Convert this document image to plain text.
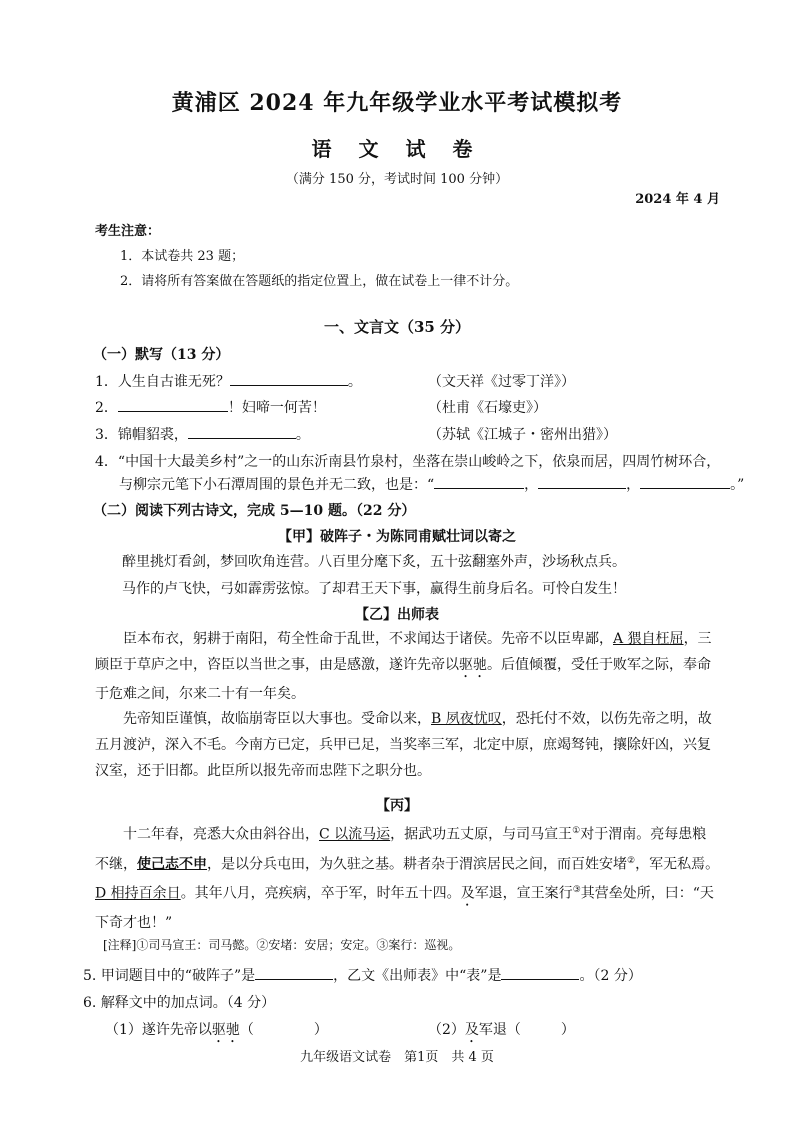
黄浦区 2024 年九年级学业水平考试模拟考
语 文 试 卷
（满分 150 分，考试时间 100 分钟）
2024 年 4 月
考生注意：
1．本试卷共 23 题；
2．请将所有答案做在答题纸的指定位置上，做在试卷上一律不计分。
一、文言文（35 分）
（一）默写（13 分）
1．人生自古谁无死？	。	（文天祥《过零丁洋》）
2．	！妇啼一何苦！	（杜甫《石壕吏》）
3．锦帽貂裘，	。	（苏轼《江城子・密州出猎》）
4．“中国十大最美乡村”之一的山东沂南县竹泉村，坐落在崇山峻岭之下，依泉而居，四周竹树环合，
与柳宗元笔下小石潭周围的景色并无二致，也是：“	，	，	。”
（二）阅读下列古诗文，完成 5—10 题。（22 分）
【甲】破阵子・为陈同甫赋壮词以寄之
醉里挑灯看剑，梦回吹角连营。八百里分麾下炙，五十弦翻塞外声，沙场秋点兵。
马作的卢飞快，弓如霹雳弦惊。了却君王天下事，赢得生前身后名。可怜白发生！
【乙】出师表
臣本布衣，躬耕于南阳，苟全性命于乱世，不求闻达于诸侯。先帝不以臣卑鄙，A 猥自枉屈，三顾臣于草庐之中，咨臣以当世之事，由是感激，遂许先帝以驱驰。后值倾覆，受任于败军之际，奉命于危难之间，尔来二十有一年矣。
先帝知臣谨慎，故临崩寄臣以大事也。受命以来，B 夙夜忧叹，恐托付不效，以伤先帝之明，故五月渡泸，深入不毛。今南方已定，兵甲已足，当奖率三军，北定中原，庶竭驽钝，攘除奸凶，兴复汉室，还于旧都。此臣所以报先帝而忠陛下之职分也。
【丙】
十二年春，亮悉大众由斜谷出，C 以流马运，据武功五丈原，与司马宣王①对于渭南。亮每患粮不继，使己志不申，是以分兵屯田，为久驻之基。耕者杂于渭滨居民之间，而百姓安堵②，军无私焉。D 相持百余日。其年八月，亮疾病，卒于军，时年五十四。及军退，宣王案行③其营垒处所，曰：“天下奇才也！”
[注释]①司马宣王：司马懿。②安堵：安居；安定。③案行：巡视。
5. 甲词题目中的“破阵子”是	，乙文《出师表》中“表”是	。（2 分）
6. 解释文中的加点词。（4 分）
（1）遂许先帝以驱驰（	）	（2）及军退（	）
九年级语文试卷　第1页　共 4 页
